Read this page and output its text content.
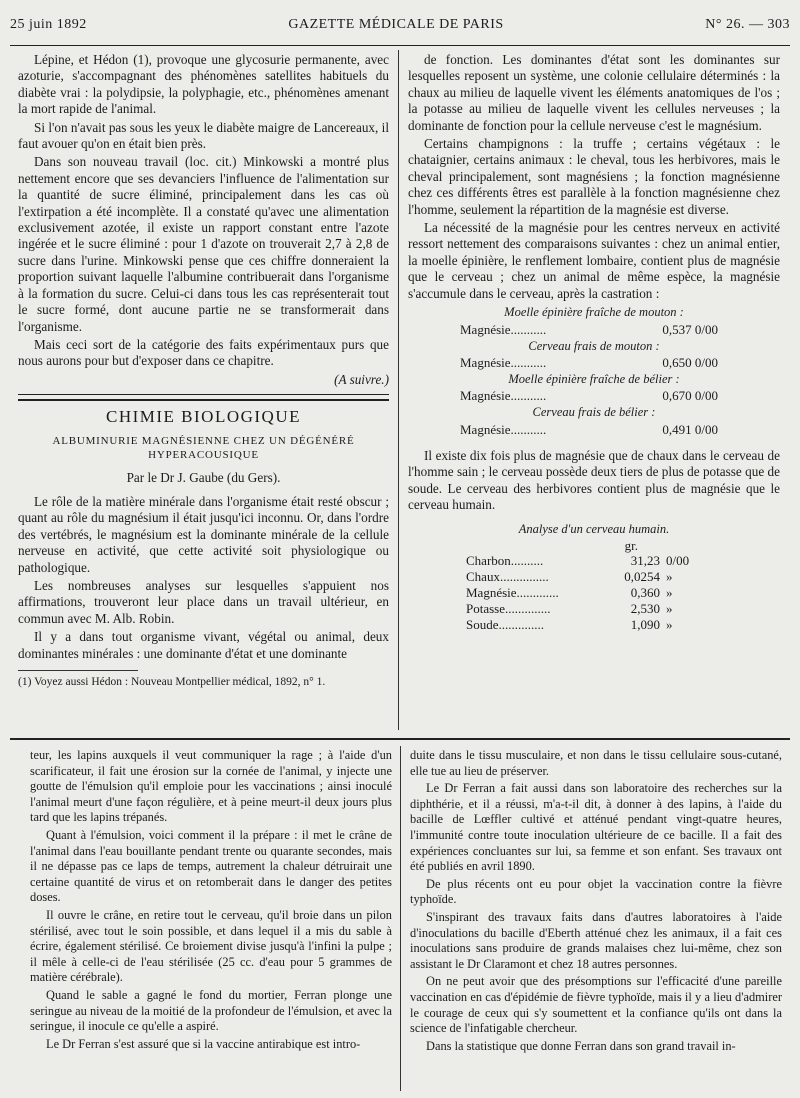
25 juin 1892	GAZETTE MÉDICALE DE PARIS	N° 26. — 303

Lépine, et Hédon (1), provoque une glycosurie permanente, avec azoturie, s'accompagnant des phénomènes satellites habituels du diabète vrai : la polydipsie, la polyphagie, etc., phénomènes amenant la mort rapide de l'animal.

Si l'on n'avait pas sous les yeux le diabète maigre de Lancereaux, il faut avouer qu'on en était bien près.

Dans son nouveau travail (loc. cit.) Minkowski a montré plus nettement encore que ses devanciers l'influence de l'alimentation sur la quantité de sucre éliminé, principalement dans les cas où l'extirpation a été incomplète. Il a constaté qu'avec une alimentation exclusivement azotée, il existe un rapport constant entre l'azote ingérée et le sucre éliminé : pour 1 d'azote on trouverait 2,7 à 2,8 de sucre dans l'urine. Minkowski pense que ces chiffre donneraient la proportion suivant laquelle l'albumine contribuerait dans l'organisme à la formation du sucre. Celui-ci dans tous les cas représenterait tout le sucre formé, dont aucune partie ne se transformerait dans l'organisme.

Mais ceci sort de la catégorie des faits expérimentaux purs que nous aurons pour but d'exposer dans ce chapitre.

(A suivre.)
CHIMIE BIOLOGIQUE
ALBUMINURIE MAGNÉSIENNE CHEZ UN DÉGÉNÉRÉ HYPERACOUSIQUE
Par le Dr J. Gaube (du Gers).

Le rôle de la matière minérale dans l'organisme était resté obscur ; quant au rôle du magnésium il était jusqu'ici inconnu. Or, dans l'ordre des vertébrés, le magnésium est la dominante minérale de la cellule nerveuse en activité, que cette activité soit physiologique ou pathologique.

Les nombreuses analyses sur lesquelles s'appuient nos affirmations, trouveront leur place dans un travail ultérieur, en commun avec M. Alb. Robin.

Il y a dans tout organisme vivant, végétal ou animal, deux dominantes minérales : une dominante d'état et une dominante

(1) Voyez aussi Hédon : Nouveau Montpellier médical, 1892, n° 1.

de fonction. Les dominantes d'état sont les dominantes sur lesquelles reposent un système, une colonie cellulaire déterminés : la chaux au milieu de laquelle vivent les éléments anatomiques de l'os ; la potasse au milieu de laquelle vivent les cellules nerveuses ; la dominante de fonction pour la cellule nerveuse c'est le magnésium.

Certains champignons : la truffe ; certains végétaux : le chataignier, certains animaux : le cheval, tous les herbivores, mais le cheval principalement, sont magnésiens ; la fonction magnésienne chez ces différents êtres est parallèle à la fonction magnésienne chez l'homme, seulement la répartition de la magnésie est diverse.

La nécessité de la magnésie pour les centres nerveux en activité ressort nettement des comparaisons suivantes : chez un animal entier, la moelle épinière, le renflement lombaire, contient plus de magnésie que le cerveau ; chez un animal de même espèce, la magnésie s'accumule dans le cerveau, après la castration :

Moelle épinière fraîche de mouton :

Magnésie...........	0,537 0/00

Cerveau frais de mouton :

Magnésie...........	0,650 0/00

Moelle épinière fraîche de bélier :

Magnésie...........	0,670 0/00

Cerveau frais de bélier :

Magnésie...........	0,491 0/00

Il existe dix fois plus de magnésie que de chaux dans le cerveau de l'homme sain ; le cerveau possède deux tiers de plus de potasse que de soude. Le cerveau des herbivores contient plus de magnésie que le cerveau humain.

Analyse d'un cerveau humain.

gr.
Charbon..........	31,23 0/00
Chaux...............	0,0254 »
Magnésie.............	0,360 »
Potasse..............	2,530 »
Soude..............	1,090 »

teur, les lapins auxquels il veut communiquer la rage ; à l'aide d'un scarificateur, il fait une érosion sur la cornée de l'animal, y injecte une goutte de l'émulsion qu'il emploie pour les vaccinations ; ainsi inoculé l'animal meurt d'une façon régulière, et à peine meurt-il deux jours plus tard que les lapins trépanés.

Quant à l'émulsion, voici comment il la prépare : il met le crâne de l'animal dans l'eau bouillante pendant trente ou quarante secondes, mais il ne dépasse pas ce laps de temps, autrement la chaleur détruirait une certaine quantité de virus et on retomberait dans le danger des petites doses.

Il ouvre le crâne, en retire tout le cerveau, qu'il broie dans un pilon stérilisé, avec tout le soin possible, et dans lequel il a mis du sable à écrire, également stérilisé. Ce broiement divise jusqu'à l'infini la pulpe ; il mêle à celle-ci de l'eau stérilisée (25 cc. d'eau pour 5 grammes de matière cérébrale).

Quand le sable a gagné le fond du mortier, Ferran plonge une seringue au niveau de la moitié de la profondeur de l'émulsion, et avec la seringue, il inocule ce qu'elle a aspiré.

Le Dr Ferran s'est assuré que si la vaccine antirabique est intro-

duite dans le tissu musculaire, et non dans le tissu cellulaire sous-cutané, elle tue au lieu de préserver.

Le Dr Ferran a fait aussi dans son laboratoire des recherches sur la diphthérie, et il a réussi, m'a-t-il dit, à donner à des lapins, à l'aide du bacille de Lœffler cultivé et atténué pendant vingt-quatre heures, l'immunité contre toute inoculation ultérieure de ce bacille. Il a fait des expériences concluantes sur lui, sa femme et son enfant. Ses travaux ont été publiés en avril 1890.

De plus récents ont eu pour objet la vaccination contre la fièvre typhoïde.

S'inspirant des travaux faits dans d'autres laboratoires à l'aide d'inoculations du bacille d'Eberth atténué chez les animaux, il a fait ces inoculations sans produire de grands malaises chez lui-même, chez son assistant le Dr Claramont et chez 18 autres personnes.

On ne peut avoir que des présomptions sur l'efficacité d'une pareille vaccination en cas d'épidémie de fièvre typhoïde, mais il y a lieu d'admirer le courage de ceux qui s'y soumettent et la confiance qu'ils ont dans la science de l'infatigable chercheur.

Dans la statistique que donne Ferran dans son grand travail in-
